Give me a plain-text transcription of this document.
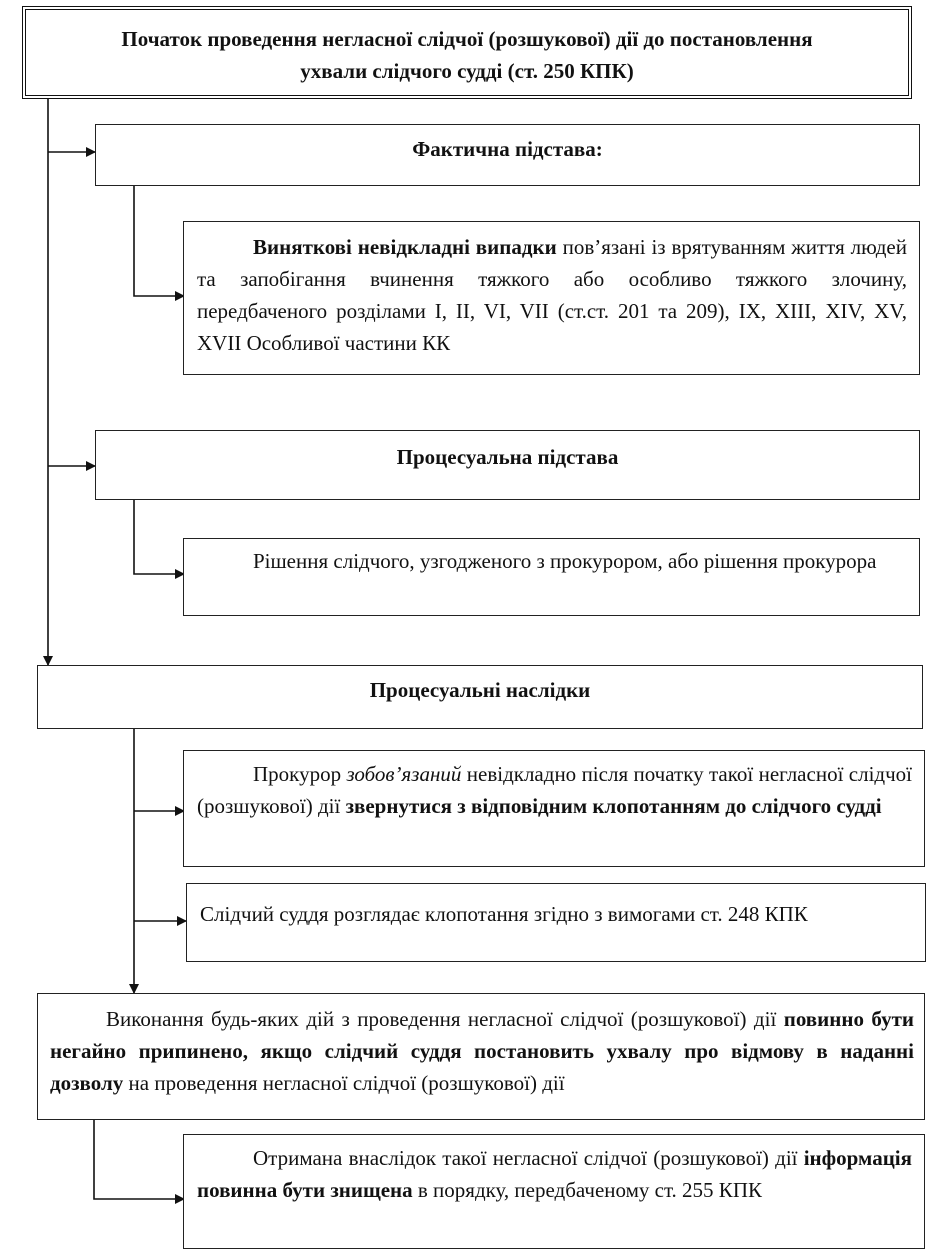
Початок проведення негласної слідчої (розшукової) дії до постановлення
ухвали слідчого судді (ст. 250 КПК)
Фактична підстава:

Виняткові невідкладні випадки пов’язані із врятуванням життя людей та запобігання вчинення тяжкого або особливо тяжкого злочину, передбаченого розділами I, II, VI, VII (ст.ст. 201 та 209), IX, XIII, XIV, XV, XVII Особливої частини КК

Процесуальна підстава

Рішення слідчого, узгодженого з прокурором, або рішення прокурора

Процесуальні наслідки

Прокурор зобов’язаний невідкладно після початку такої негласної слідчої (розшукової) дії звернутися з відповідним клопотанням до слідчого судді

Слідчий суддя розглядає клопотання згідно з вимогами ст. 248 КПК

Виконання будь-яких дій з проведення негласної слідчої (розшукової) дії повинно бути негайно припинено, якщо слідчий суддя постановить ухвалу про відмову в наданні дозволу на проведення негласної слідчої (розшукової) дії

Отримана внаслідок такої негласної слідчої (розшукової) дії інформація повинна бути знищена в порядку, передбаченому ст. 255 КПК
